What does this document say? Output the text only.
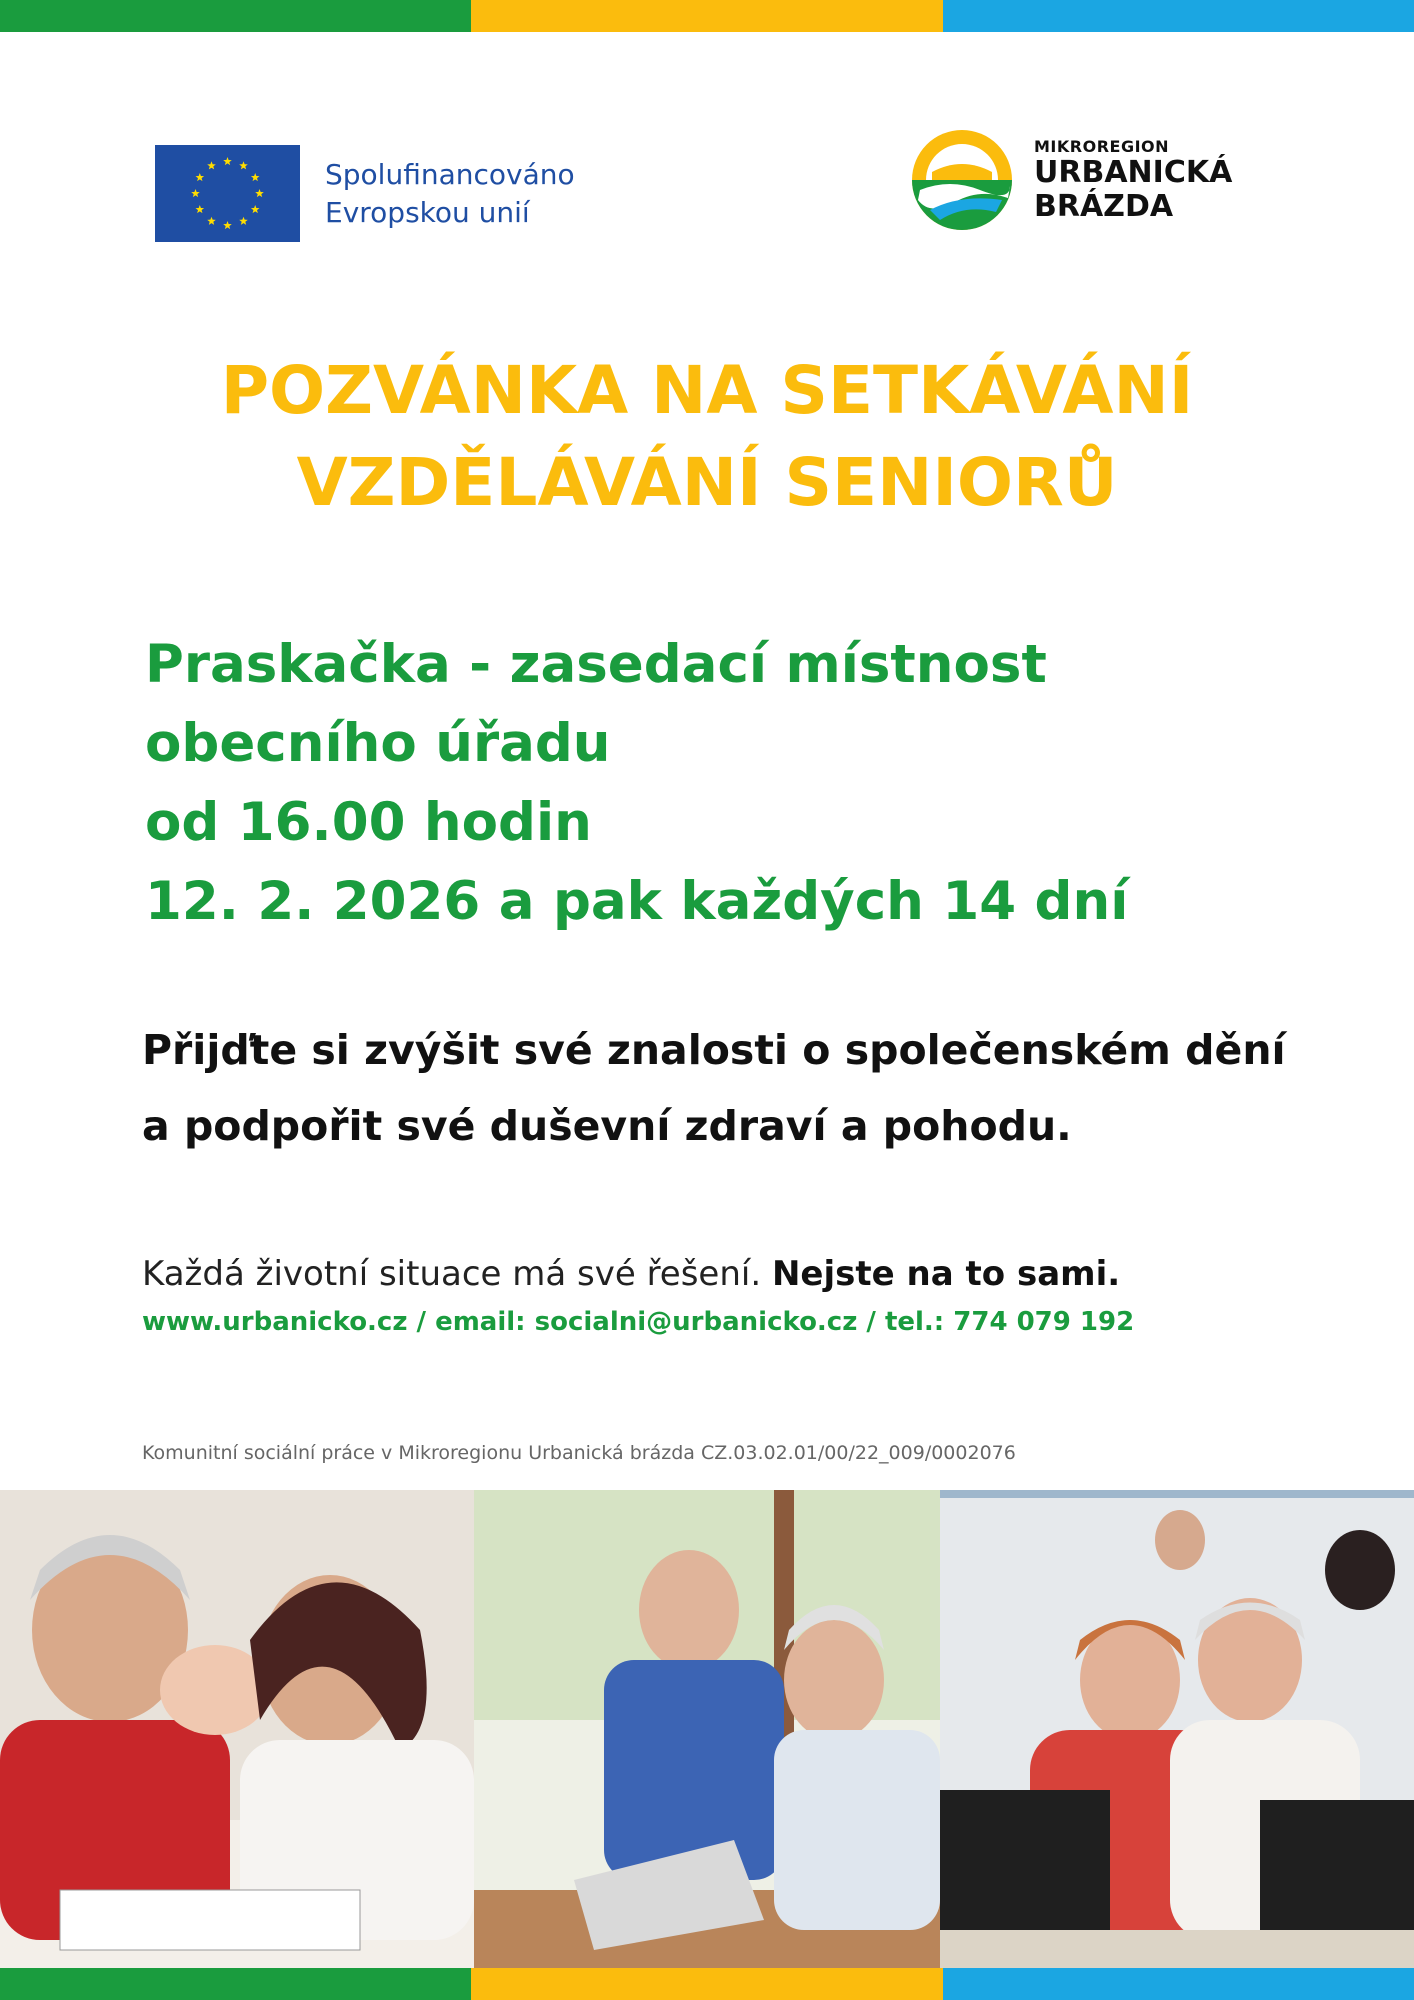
Spolufinancováno
Evropskou unií
MIKROREGION
URBANICKÁ
BRÁZDA
POZVÁNKA NA SETKÁVÁNÍ
VZDĚLÁVÁNÍ SENIORŮ
Praskačka - zasedací místnost
obecního úřadu
od 16.00 hodin
12. 2. 2026 a pak každých 14 dní
Přijďte si zvýšit své znalosti o společenském dění
a podpořit své duševní zdraví a pohodu.
Každá životní situace má své řešení. Nejste na to sami.
www.urbanicko.cz / email: socialni@urbanicko.cz / tel.: 774 079 192
Komunitní sociální práce v Mikroregionu Urbanická brázda CZ.03.02.01/00/22_009/0002076
